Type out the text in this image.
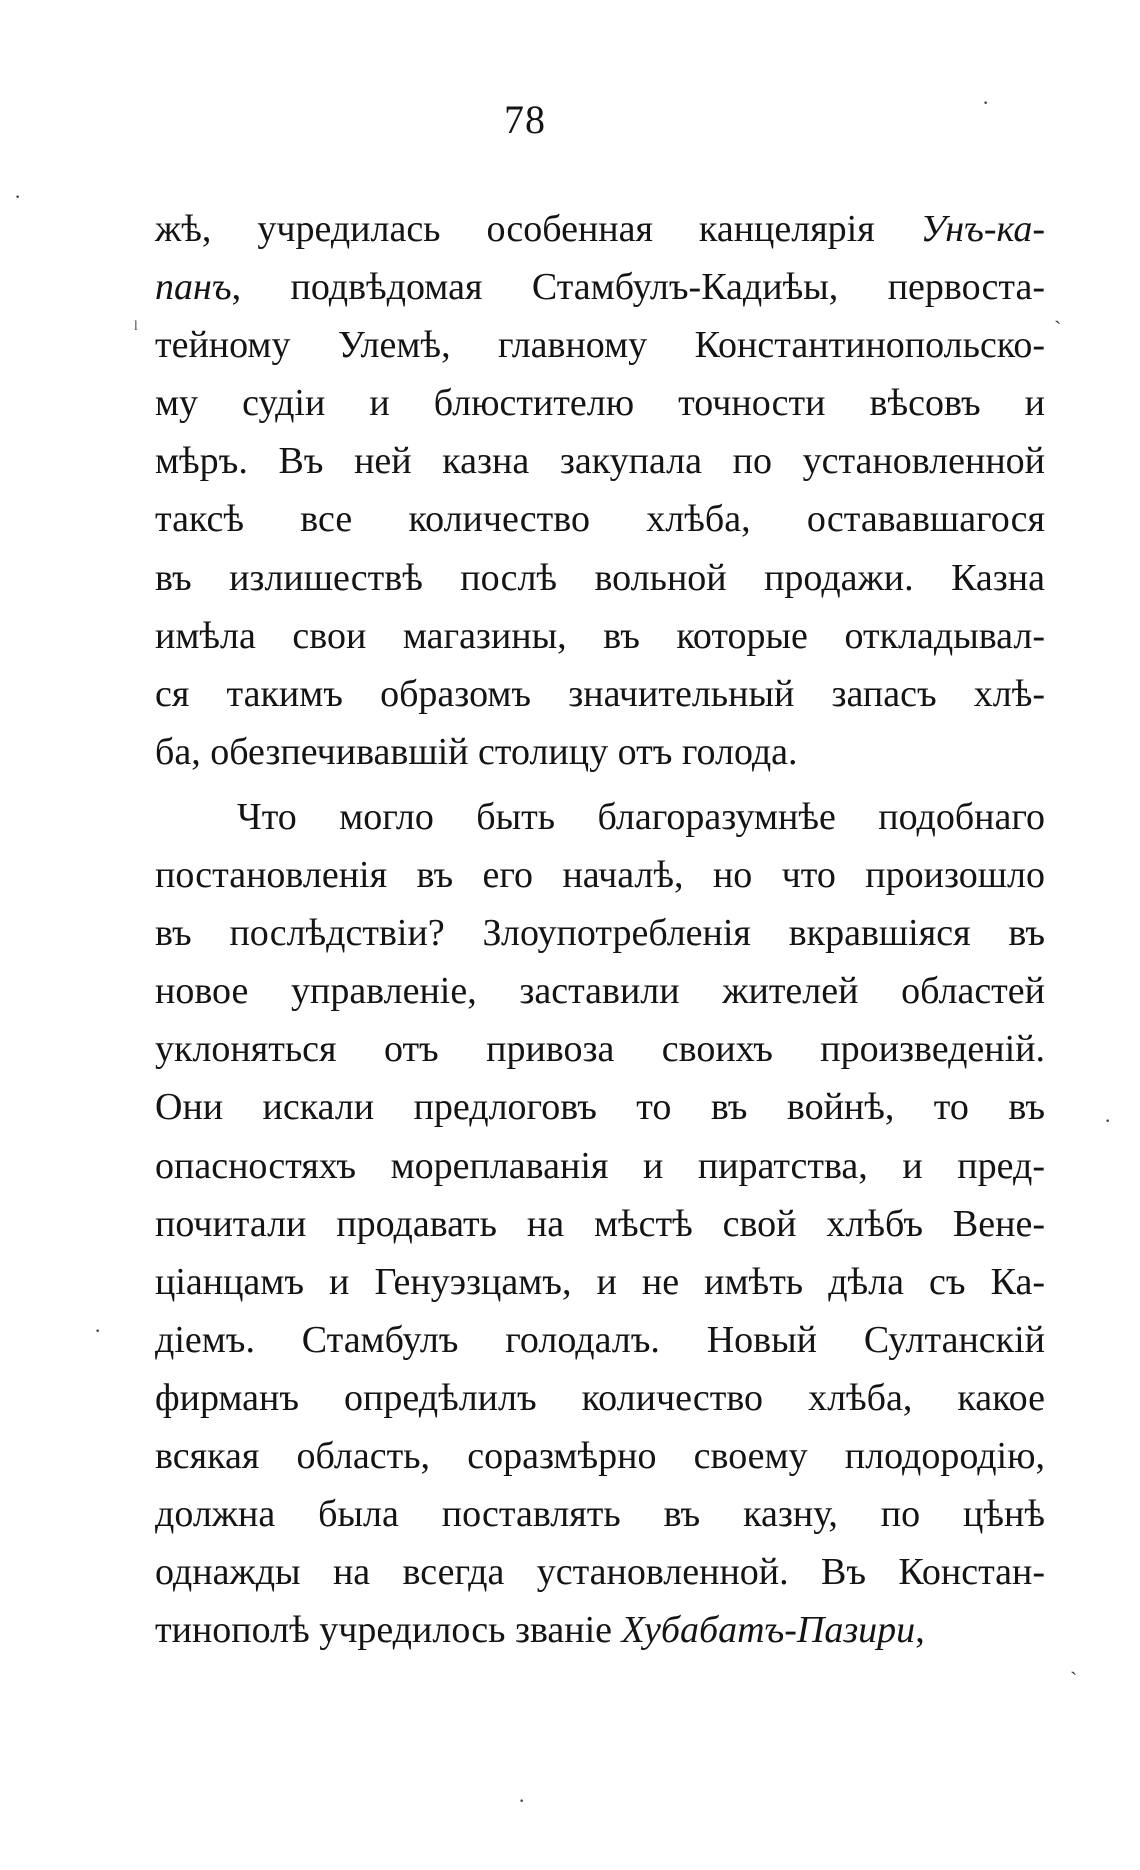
78
жѣ, учредилась особенная канцелярія Унъ-ка-
панъ, подвѣдомая Стамбулъ-Кадиѣы, первоста-
тейному Улемѣ, главному Константинопольско-
му судіи и блюстителю точности вѣсовъ и
мѣръ. Въ ней казна закупала по установленной
таксѣ все количество хлѣба, остававшагося
въ излишествѣ послѣ вольной продажи. Казна
имѣла свои магазины, въ которые откладывал-
ся такимъ образомъ значительный запасъ хлѣ-
ба, обезпечивавшій столицу отъ голода.
Что могло быть благоразумнѣе подобнаго
постановленія въ его началѣ, но что произошло
въ послѣдствіи? Злоупотребленія вкравшіяся въ
новое управленіе, заставили жителей областей
уклоняться отъ привоза своихъ произведеній.
Они искали предлоговъ то въ войнѣ, то въ
опасностяхъ мореплаванія и пиратства, и пред-
почитали продавать на мѣстѣ свой хлѣбъ Вене-
ціанцамъ и Генуэзцамъ, и не имѣть дѣла съ Ка-
діемъ. Стамбулъ голодалъ. Новый Султанскій
фирманъ опредѣлилъ количество хлѣба, какое
всякая область, соразмѣрно своему плодородію,
должна была поставлять въ казну, по цѣнѣ
однажды на всегда установленной. Въ Констан-
тинополѣ учредилось званіе Хубабатъ-Пазири,
·
·
ˡ	ˋ
·
·
ˏ
·
